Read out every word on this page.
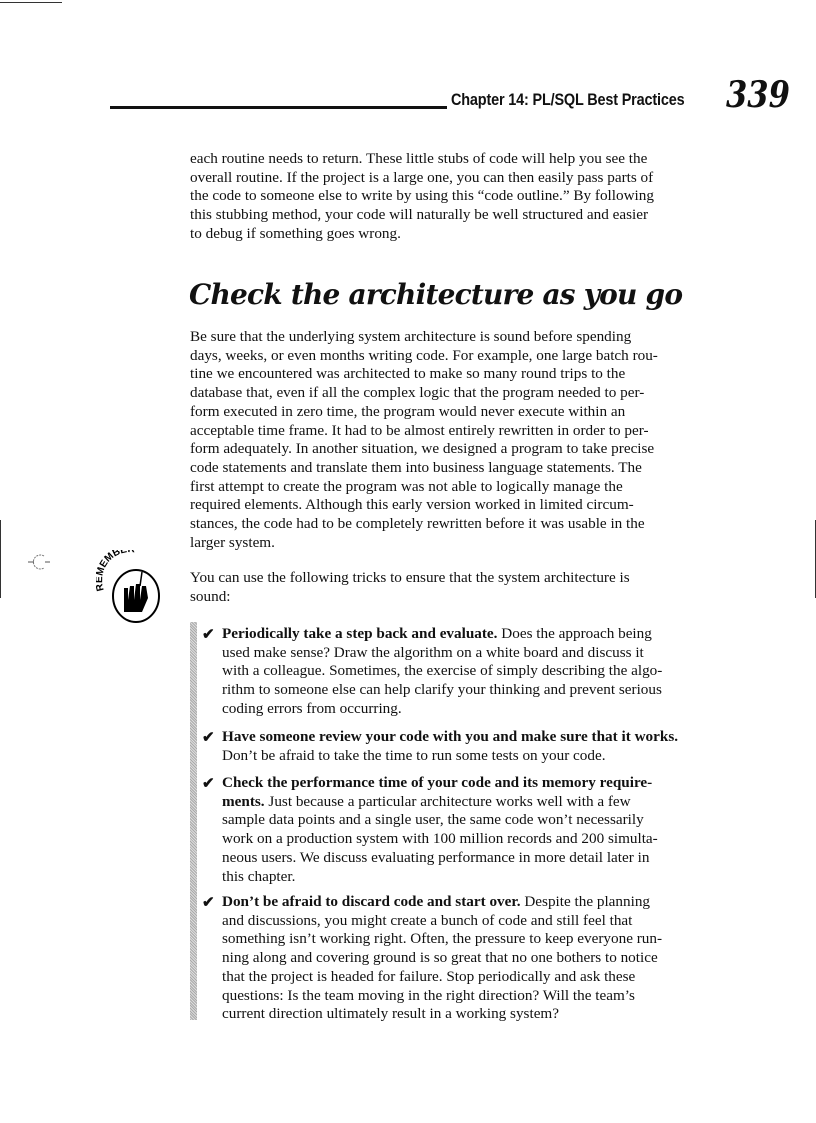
Chapter 14: PL/SQL Best Practices 339
each routine needs to return. These little stubs of code will help you see the
overall routine. If the project is a large one, you can then easily pass parts of
the code to someone else to write by using this “code outline.” By following
this stubbing method, your code will naturally be well structured and easier
to debug if something goes wrong.
Check the architecture as you go
Be sure that the underlying system architecture is sound before spending
days, weeks, or even months writing code. For example, one large batch rou-
tine we encountered was architected to make so many round trips to the
database that, even if all the complex logic that the program needed to per-
form executed in zero time, the program would never execute within an
acceptable time frame. It had to be almost entirely rewritten in order to per-
form adequately. In another situation, we designed a program to take precise
code statements and translate them into business language statements. The
first attempt to create the program was not able to logically manage the
required elements. Although this early version worked in limited circum-
stances, the code had to be completely rewritten before it was usable in the
larger system.
EMBE
You can use the following tricks to ensure that the system architecture is
sound:
✔ Periodically take a step back and evaluate. Does the approach being
used make sense? Draw the algorithm on a white board and discuss it
with a colleague. Sometimes, the exercise of simply describing the algo-
rithm to someone else can help clarify your thinking and prevent serious
coding errors from occurring.
✔ Have someone review your code with you and make sure that it works.
Don’t be afraid to take the time to run some tests on your code.
✔ Check the performance time of your code and its memory require-
ments. Just because a particular architecture works well with a few
sample data points and a single user, the same code won’t necessarily
work on a production system with 100 million records and 200 simulta-
neous users. We discuss evaluating performance in more detail later in
this chapter.
✔ Don’t be afraid to discard code and start over. Despite the planning
and discussions, you might create a bunch of code and still feel that
something isn’t working right. Often, the pressure to keep everyone run-
ning along and covering ground is so great that no one bothers to notice
that the project is headed for failure. Stop periodically and ask these
questions: Is the team moving in the right direction? Will the team’s
current direction ultimately result in a working system?
